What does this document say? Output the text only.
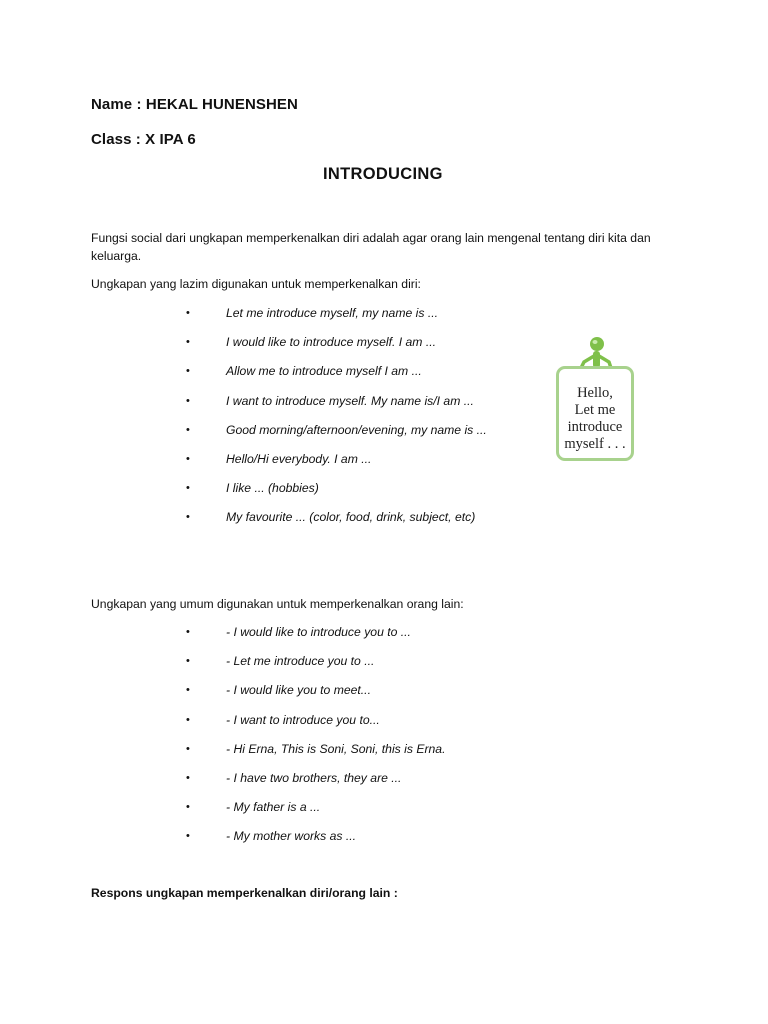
Name : HEKAL HUNENSHEN
Class : X IPA 6
INTRODUCING
Fungsi social dari ungkapan memperkenalkan diri adalah agar orang lain mengenal tentang diri kita dan keluarga.
Ungkapan yang lazim digunakan untuk memperkenalkan diri:
•	Let me introduce myself, my name is ...
•	I would like to introduce myself. I am ...
•	Allow me to introduce myself I am ...
•	I want to introduce myself. My name is/I am ...
•	Good morning/afternoon/evening, my name is ...
•	Hello/Hi everybody. I am ...
•	I like ... (hobbies)
•	My favourite ... (color, food, drink, subject, etc)
Ungkapan yang umum digunakan untuk memperkenalkan orang lain:
•	- I would like to introduce you to ...
•	- Let me introduce you to ...
•	- I would like you to meet...
•	- I want to introduce you to...
•	- Hi Erna, This is Soni, Soni, this is Erna.
•	- I have two brothers, they are ...
•	- My father is a ...
•	- My mother works as ...
Respons ungkapan memperkenalkan diri/orang lain :
Hello,
Let me
introduce
myself . . .
